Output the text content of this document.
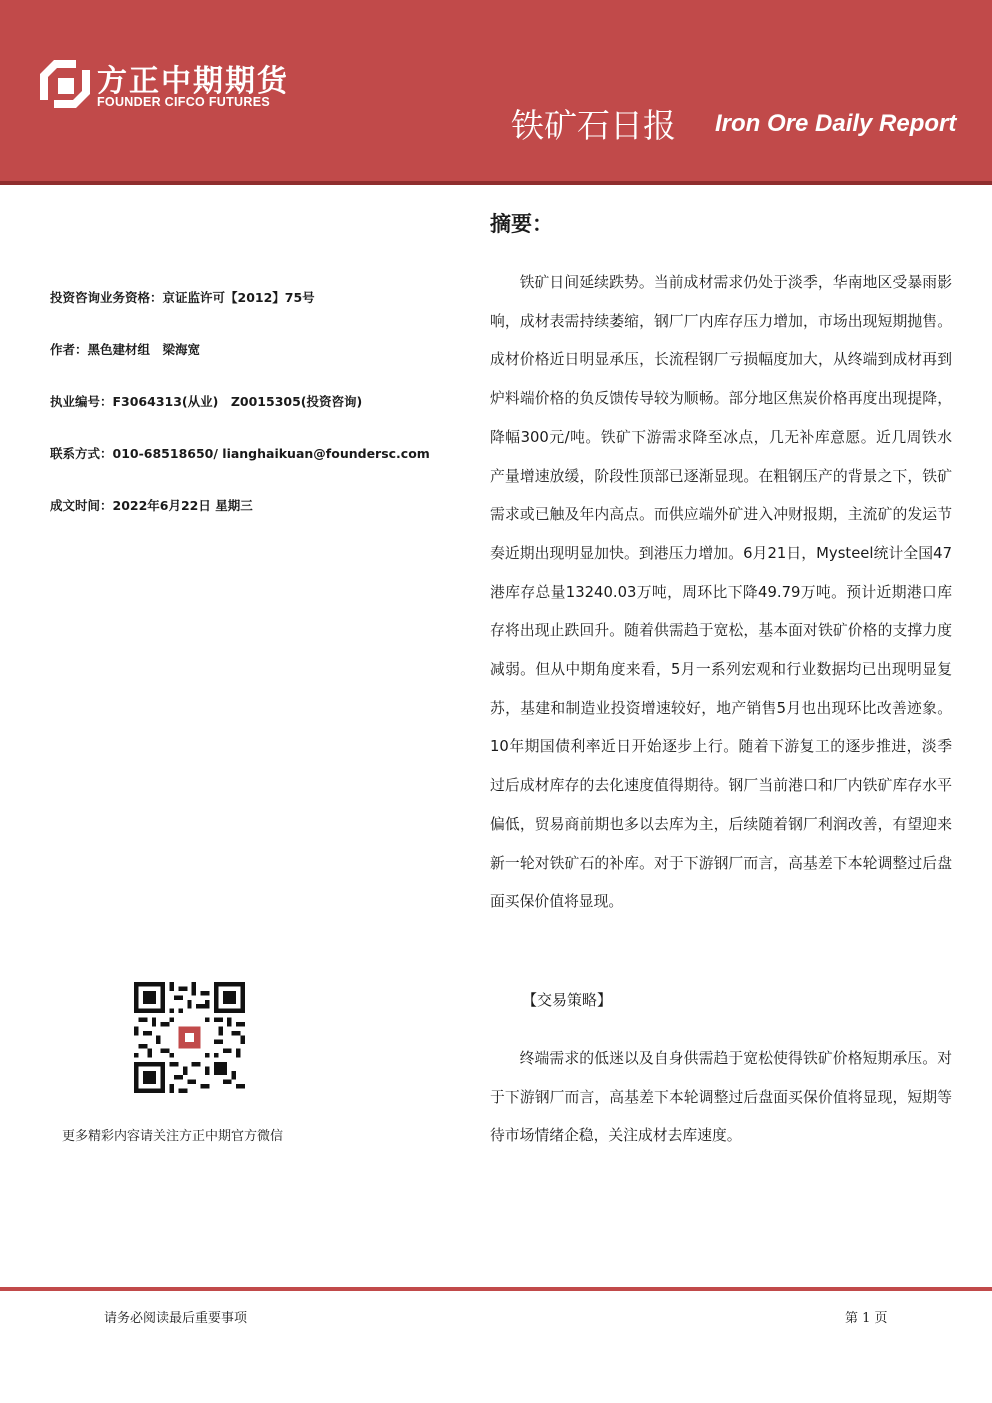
方正中期期货
FOUNDER CIFCO FUTURES
铁矿石日报 Iron Ore Daily Report
投资咨询业务资格：京证监许可【2012】75号
作者：黑色建材组　梁海宽
执业编号：F3064313(从业)　Z0015305(投资咨询)
联系方式：010-68518650/ lianghaikuan@foundersc.com
成文时间：2022年6月22日 星期三
更多精彩内容请关注方正中期官方微信
摘要：

铁矿日间延续跌势。当前成材需求仍处于淡季，华南地区受暴雨影响，成材表需持续萎缩，钢厂厂内库存压力增加，市场出现短期抛售。成材价格近日明显承压，长流程钢厂亏损幅度加大，从终端到成材再到炉料端价格的负反馈传导较为顺畅。部分地区焦炭价格再度出现提降，降幅300元/吨。铁矿下游需求降至冰点，几无补库意愿。近几周铁水产量增速放缓，阶段性顶部已逐渐显现。在粗钢压产的背景之下，铁矿需求或已触及年内高点。而供应端外矿进入冲财报期，主流矿的发运节奏近期出现明显加快。到港压力增加。6月21日，Mysteel统计全国47港库存总量13240.03万吨，周环比下降49.79万吨。预计近期港口库存将出现止跌回升。随着供需趋于宽松，基本面对铁矿价格的支撑力度减弱。但从中期角度来看，5月一系列宏观和行业数据均已出现明显复苏，基建和制造业投资增速较好，地产销售5月也出现环比改善迹象。10年期国债利率近日开始逐步上行。随着下游复工的逐步推进，淡季过后成材库存的去化速度值得期待。钢厂当前港口和厂内铁矿库存水平偏低，贸易商前期也多以去库为主，后续随着钢厂利润改善，有望迎来新一轮对铁矿石的补库。对于下游钢厂而言，高基差下本轮调整过后盘面买保价值将显现。

【交易策略】

终端需求的低迷以及自身供需趋于宽松使得铁矿价格短期承压。对于下游钢厂而言，高基差下本轮调整过后盘面买保价值将显现，短期等待市场情绪企稳，关注成材去库速度。

请务必阅读最后重要事项	第 1 页
